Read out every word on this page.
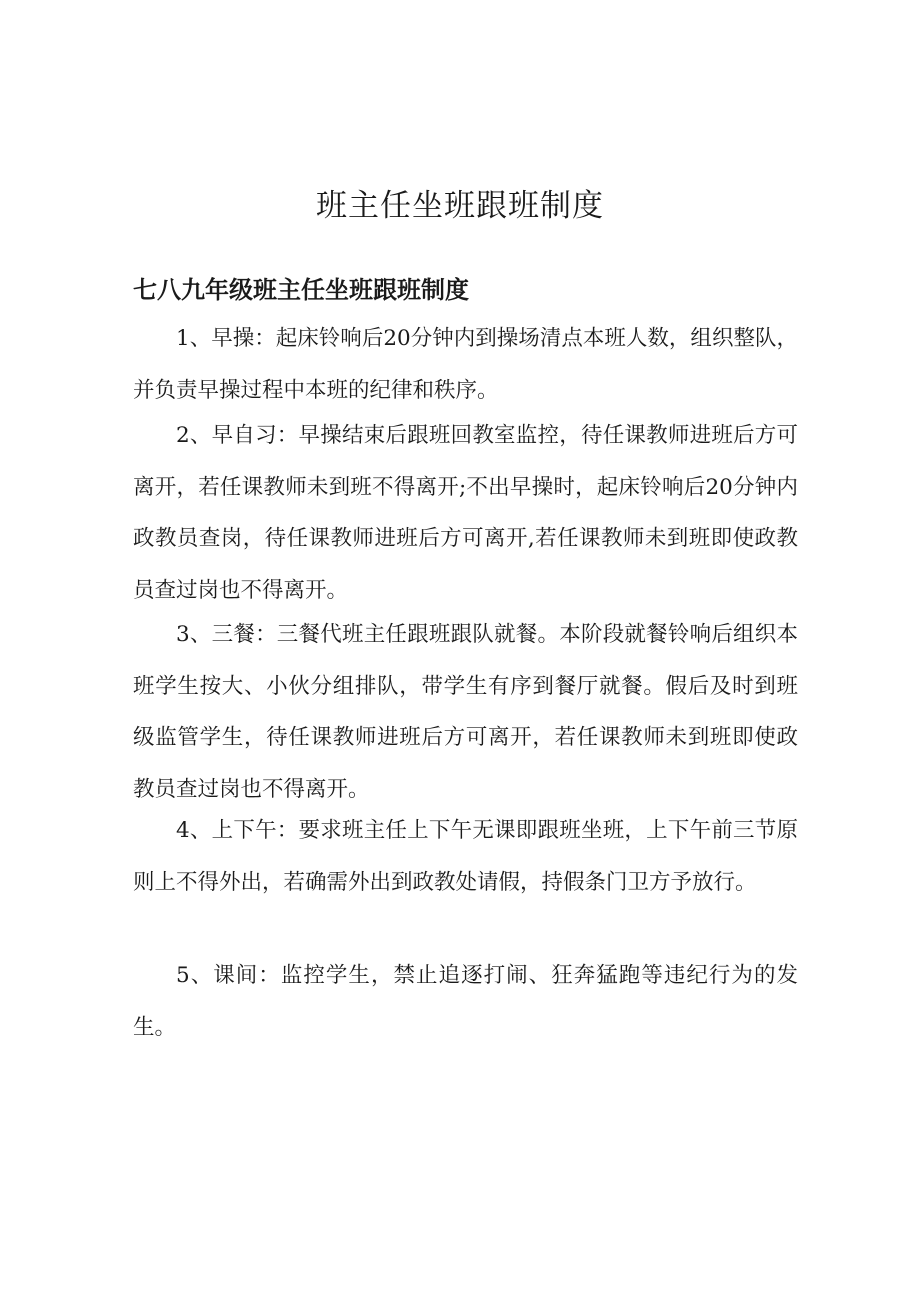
班主任坐班跟班制度
七八九年级班主任坐班跟班制度

1、早操：起床铃响后20分钟内到操场清点本班人数，组织整队，并负责早操过程中本班的纪律和秩序。

2、早自习：早操结束后跟班回教室监控，待任课教师进班后方可离开，若任课教师未到班不得离开;不出早操时，起床铃响后20分钟内政教员查岗，待任课教师进班后方可离开,若任课教师未到班即使政教员查过岗也不得离开。

3、三餐：三餐代班主任跟班跟队就餐。本阶段就餐铃响后组织本班学生按大、小伙分组排队，带学生有序到餐厅就餐。假后及时到班级监管学生，待任课教师进班后方可离开，若任课教师未到班即使政教员查过岗也不得离开。

4、上下午：要求班主任上下午无课即跟班坐班，上下午前三节原则上不得外出，若确需外出到政教处请假，持假条门卫方予放行。

5、课间：监控学生，禁止追逐打闹、狂奔猛跑等违纪行为的发生。
